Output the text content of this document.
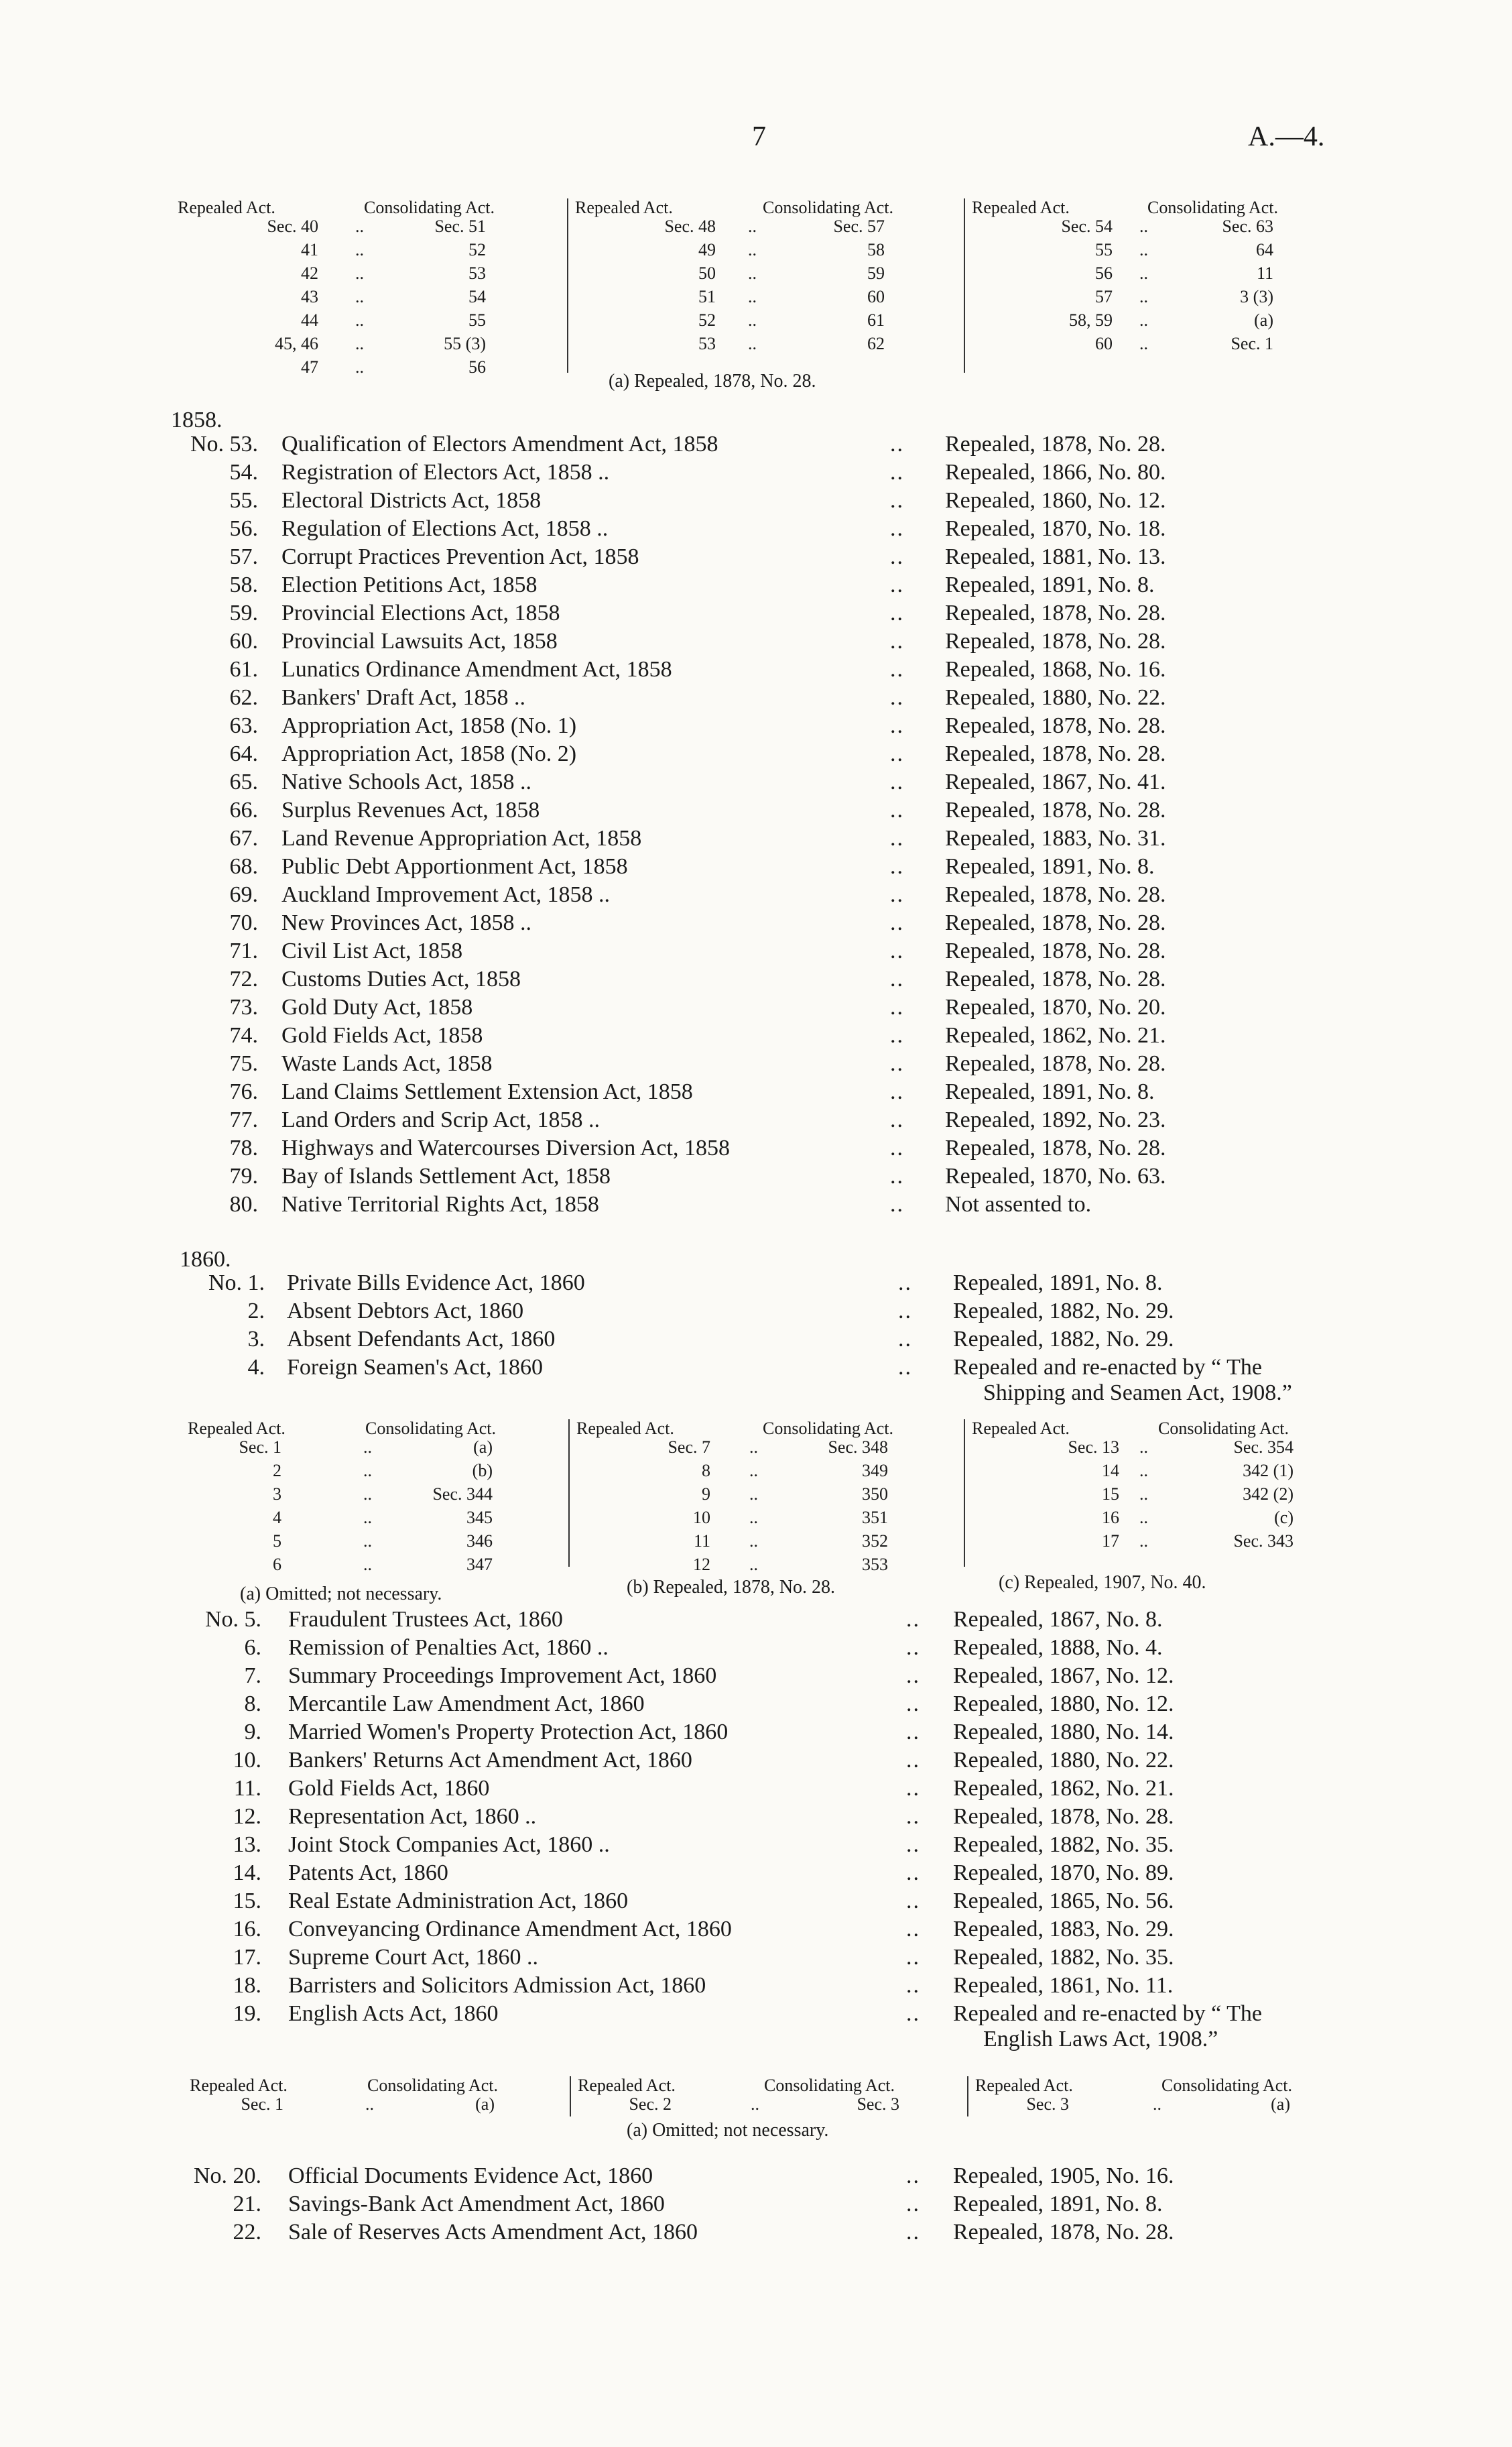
7	A.—4.
1858.
No. 53. Qualification of Electors Amendment Act, 1858	.. Repealed, 1878, No. 28.
54. Registration of Electors Act, 1858 ..	.. Repealed, 1866, No. 80.
55. Electoral Districts Act, 1858	.. Repealed, 1860, No. 12.
56. Regulation of Elections Act, 1858 ..	.. Repealed, 1870, No. 18.
57. Corrupt Practices Prevention Act, 1858	.. Repealed, 1881, No. 13.
58. Election Petitions Act, 1858	.. Repealed, 1891, No. 8.
59. Provincial Elections Act, 1858	.. Repealed, 1878, No. 28.
60. Provincial Lawsuits Act, 1858	.. Repealed, 1878, No. 28.
61. Lunatics Ordinance Amendment Act, 1858	.. Repealed, 1868, No. 16.
62. Bankers' Draft Act, 1858 ..	.. Repealed, 1880, No. 22.
63. Appropriation Act, 1858 (No. 1)	.. Repealed, 1878, No. 28.
64. Appropriation Act, 1858 (No. 2)	.. Repealed, 1878, No. 28.
65. Native Schools Act, 1858 ..	.. Repealed, 1867, No. 41.
66. Surplus Revenues Act, 1858	.. Repealed, 1878, No. 28.
67. Land Revenue Appropriation Act, 1858	.. Repealed, 1883, No. 31.
68. Public Debt Apportionment Act, 1858	.. Repealed, 1891, No. 8.
69. Auckland Improvement Act, 1858 ..	.. Repealed, 1878, No. 28.
70. New Provinces Act, 1858 ..	.. Repealed, 1878, No. 28.
71. Civil List Act, 1858	.. Repealed, 1878, No. 28.
72. Customs Duties Act, 1858	.. Repealed, 1878, No. 28.
73. Gold Duty Act, 1858	.. Repealed, 1870, No. 20.
74. Gold Fields Act, 1858	.. Repealed, 1862, No. 21.
75. Waste Lands Act, 1858	.. Repealed, 1878, No. 28.
76. Land Claims Settlement Extension Act, 1858	.. Repealed, 1891, No. 8.
77. Land Orders and Scrip Act, 1858 ..	.. Repealed, 1892, No. 23.
78. Highways and Watercourses Diversion Act, 1858	.. Repealed, 1878, No. 28.
79. Bay of Islands Settlement Act, 1858	.. Repealed, 1870, No. 63.
80. Native Territorial Rights Act, 1858	.. Not assented to.
1860.
No. 1. Private Bills Evidence Act, 1860	.. Repealed, 1891, No. 8.
2. Absent Debtors Act, 1860	.. Repealed, 1882, No. 29.
3. Absent Defendants Act, 1860	.. Repealed, 1882, No. 29.
4. Foreign Seamen's Act, 1860	.. Repealed and re-enacted by “ The
Shipping and Seamen Act, 1908.”
No. 5. Fraudulent Trustees Act, 1860	.. Repealed, 1867, No. 8.
6. Remission of Penalties Act, 1860 ..	.. Repealed, 1888, No. 4.
7. Summary Proceedings Improvement Act, 1860	.. Repealed, 1867, No. 12.
8. Mercantile Law Amendment Act, 1860	.. Repealed, 1880, No. 12.
9. Married Women's Property Protection Act, 1860	.. Repealed, 1880, No. 14.
10. Bankers' Returns Act Amendment Act, 1860	.. Repealed, 1880, No. 22.
11. Gold Fields Act, 1860	.. Repealed, 1862, No. 21.
12. Representation Act, 1860 ..	.. Repealed, 1878, No. 28.
13. Joint Stock Companies Act, 1860 ..	.. Repealed, 1882, No. 35.
14. Patents Act, 1860	.. Repealed, 1870, No. 89.
15. Real Estate Administration Act, 1860	.. Repealed, 1865, No. 56.
16. Conveyancing Ordinance Amendment Act, 1860	.. Repealed, 1883, No. 29.
17. Supreme Court Act, 1860 ..	.. Repealed, 1882, No. 35.
18. Barristers and Solicitors Admission Act, 1860	.. Repealed, 1861, No. 11.
19. English Acts Act, 1860	.. Repealed and re-enacted by “ The
English Laws Act, 1908.”
No. 20. Official Documents Evidence Act, 1860	.. Repealed, 1905, No. 16.
21. Savings-Bank Act Amendment Act, 1860	.. Repealed, 1891, No. 8.
22. Sale of Reserves Acts Amendment Act, 1860	.. Repealed, 1878, No. 28.
Repealed Act.	Consolidating Act.
Sec. 40 ..	Sec. 51
41 ..	52
42 ..	53
43 ..	54
44 ..	55
45, 46 ..	55 (3)
47 ..	56
Repealed Act.	Consolidating Act.
Sec. 48 ..	Sec. 57
49 ..	58
50 ..	59
51 ..	60
52 ..	61
53 ..	62
Repealed Act.	Consolidating Act.
Sec. 54 ..	Sec. 63
55 ..	64
56 ..	11
57 ..	3 (3)
58, 59 ..	(a)
60 ..	Sec. 1
(a) Repealed, 1878, No. 28.
Repealed Act.	Consolidating Act.
Sec. 1	..	(a)
2	..	(b)
3	..	Sec. 344
4	..	345
5	..	346
6	..	347
Repealed Act.	Consolidating Act.
Sec. 7 ..	Sec. 348
8 ..	349
9 ..	350
10 ..	351
11 ..	352
12 ..	353
Repealed Act.	Consolidating Act.
Sec. 13 ..	Sec. 354
14 ..	342 (1)
15 ..	342 (2)
16 ..	(c)
17 ..	Sec. 343
(a) Omitted; not necessary.	(b) Repealed, 1878, No. 28.	(c) Repealed, 1907, No. 40.
Repealed Act.	Consolidating Act.
Sec. 1	..	(a)
Repealed Act.	Consolidating Act.
Sec. 2	..	Sec. 3
Repealed Act.	Consolidating Act.
Sec. 3	..	(a)
(a) Omitted; not necessary.
